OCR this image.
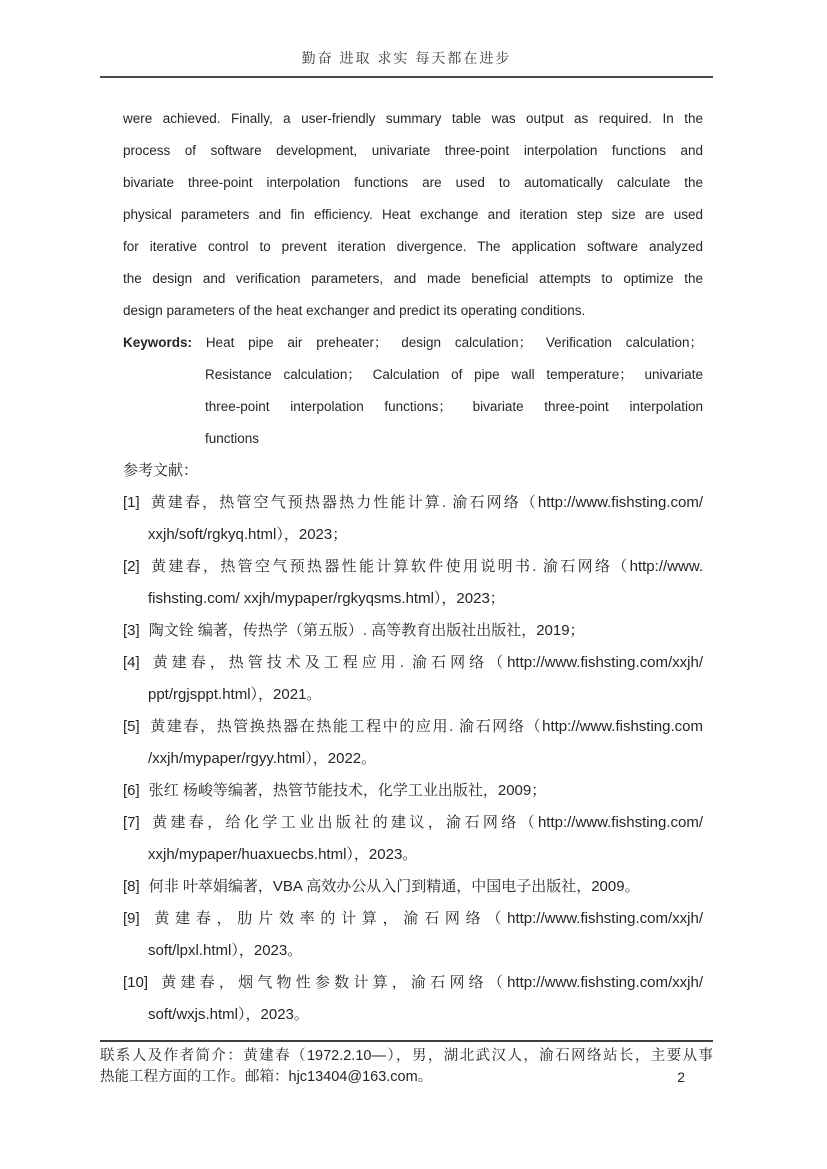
勤奋 进取 求实 每天都在进步
were achieved. Finally, a user-friendly summary table was output as required. In the
process of software development, univariate three-point interpolation functions and
bivariate three-point interpolation functions are used to automatically calculate the
physical parameters and fin efficiency. Heat exchange and iteration step size are used
for iterative control to prevent iteration divergence. The application software analyzed
the design and verification parameters, and made beneficial attempts to optimize the
design parameters of the heat exchanger and predict its operating conditions.
Keywords: Heat pipe air preheater； design calculation； Verification calculation；
Resistance calculation； Calculation of pipe wall temperature； univariate
three-point interpolation functions； bivariate three-point interpolation
functions
参考文献：
[1] 黄建春，热管空气预热器热力性能计算. 渝石网络（http://www.fishsting.com/
xxjh/soft/rgkyq.html），2023；
[2] 黄建春，热管空气预热器性能计算软件使用说明书. 渝石网络（http://www.
fishsting.com/ xxjh/mypaper/rgkyqsms.html），2023；
[3] 陶文铨 编著，传热学（第五版）. 高等教育出版社出版社，2019；
[4] 黄建春，热管技术及工程应用. 渝石网络（http://www.fishsting.com/xxjh/
ppt/rgjsppt.html），2021。
[5] 黄建春，热管换热器在热能工程中的应用. 渝石网络（http://www.fishsting.com
/xxjh/mypaper/rgyy.html），2022。
[6] 张红 杨峻等编著，热管节能技术，化学工业出版社，2009；
[7] 黄建春，给化学工业出版社的建议，渝石网络（http://www.fishsting.com/
xxjh/mypaper/huaxuecbs.html），2023。
[8] 何非 叶萃娟编著，VBA 高效办公从入门到精通，中国电子出版社，2009。
[9] 黄建春，肋片效率的计算，渝石网络（http://www.fishsting.com/xxjh/
soft/lpxl.html），2023。
[10] 黄建春，烟气物性参数计算，渝石网络（http://www.fishsting.com/xxjh/
soft/wxjs.html），2023。
联系人及作者简介：黄建春（1972.2.10—），男，湖北武汉人，渝石网络站长，主要从事
热能工程方面的工作。邮箱：hjc13404@163.com。	2
